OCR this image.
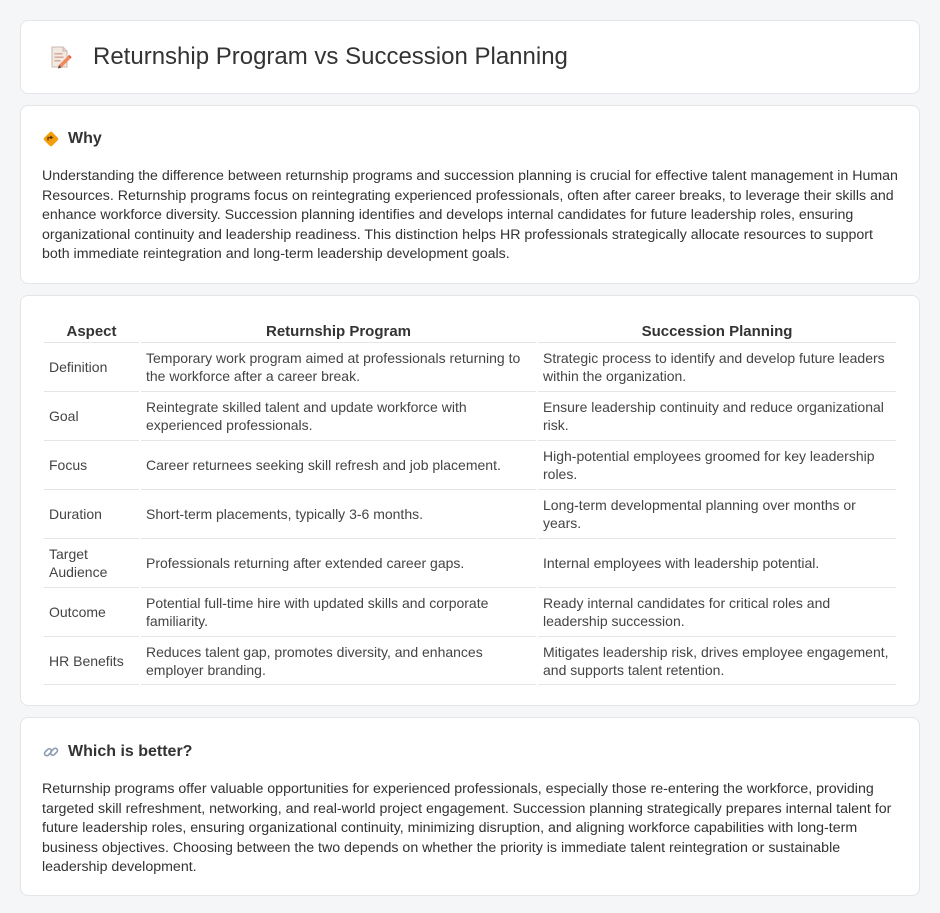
Returnship Program vs Succession Planning
Why

Understanding the difference between returnship programs and succession planning is crucial for effective talent management in Human Resources. Returnship programs focus on reintegrating experienced professionals, often after career breaks, to leverage their skills and enhance workforce diversity. Succession planning identifies and develops internal candidates for future leadership roles, ensuring organizational continuity and leadership readiness. This distinction helps HR professionals strategically allocate resources to support both immediate reintegration and long-term leadership development goals.

Aspect	Returnship Program	Succession Planning
Definition	Temporary work program aimed at professionals returning to the workforce after a career break.	Strategic process to identify and develop future leaders within the organization.
Goal	Reintegrate skilled talent and update workforce with experienced professionals.	Ensure leadership continuity and reduce organizational risk.
Focus	Career returnees seeking skill refresh and job placement.	High-potential employees groomed for key leadership roles.
Duration	Short-term placements, typically 3-6 months.	Long-term developmental planning over months or years.
Target Audience	Professionals returning after extended career gaps.	Internal employees with leadership potential.
Outcome	Potential full-time hire with updated skills and corporate familiarity.	Ready internal candidates for critical roles and leadership succession.
HR Benefits	Reduces talent gap, promotes diversity, and enhances employer branding.	Mitigates leadership risk, drives employee engagement, and supports talent retention.
Which is better?

Returnship programs offer valuable opportunities for experienced professionals, especially those re-entering the workforce, providing targeted skill refreshment, networking, and real-world project engagement. Succession planning strategically prepares internal talent for future leadership roles, ensuring organizational continuity, minimizing disruption, and aligning workforce capabilities with long-term business objectives. Choosing between the two depends on whether the priority is immediate talent reintegration or sustainable leadership development.
